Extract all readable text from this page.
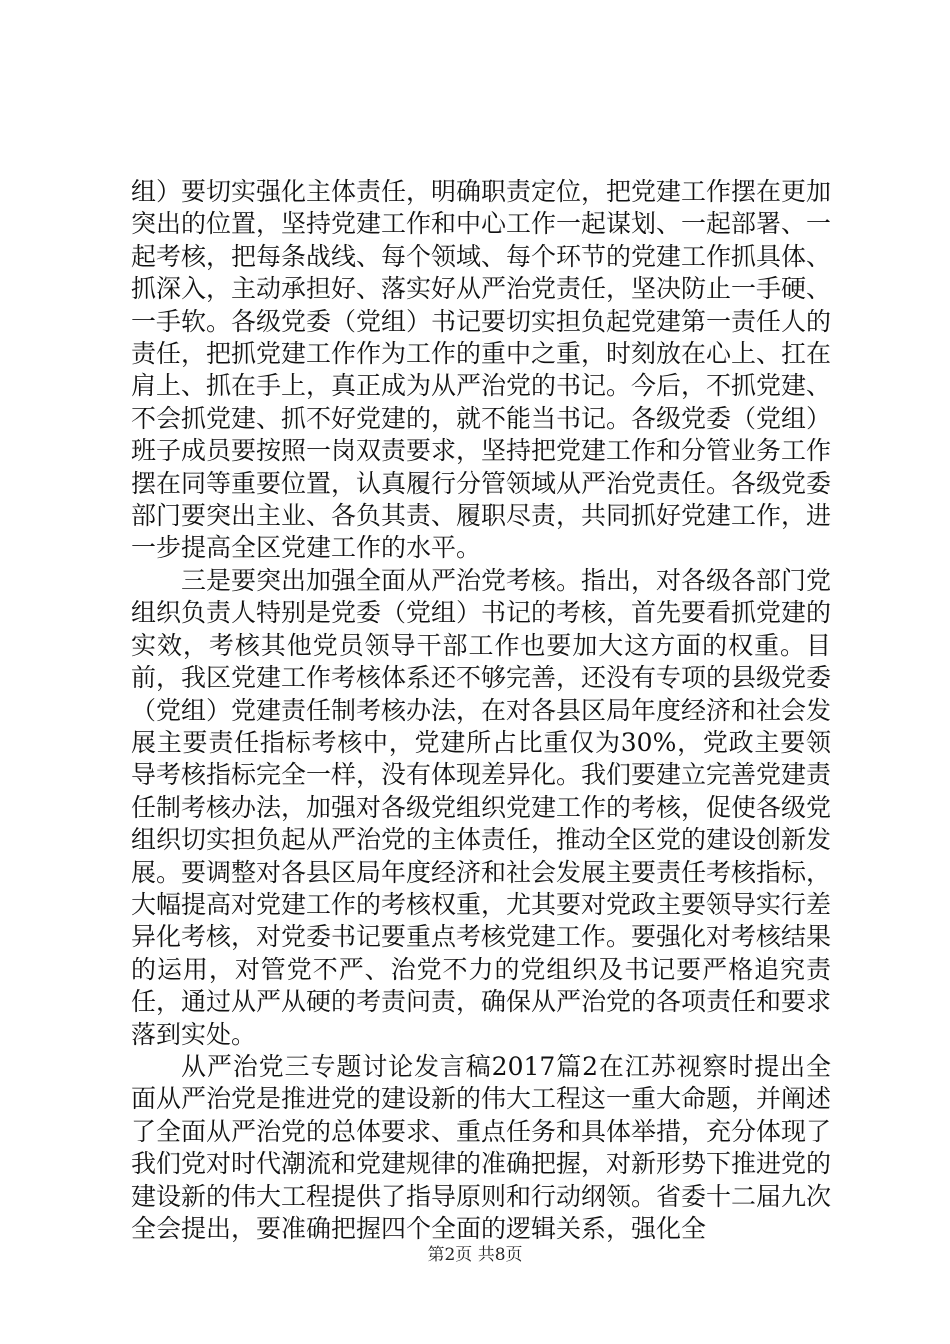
组）要切实强化主体责任，明确职责定位，把党建工作摆在更加突出的位置，坚持党建工作和中心工作一起谋划、一起部署、一起考核，把每条战线、每个领域、每个环节的党建工作抓具体、抓深入，主动承担好、落实好从严治党责任，坚决防止一手硬、一手软。各级党委（党组）书记要切实担负起党建第一责任人的责任，把抓党建工作作为工作的重中之重，时刻放在心上、扛在肩上、抓在手上，真正成为从严治党的书记。今后，不抓党建、不会抓党建、抓不好党建的，就不能当书记。各级党委（党组）班子成员要按照一岗双责要求，坚持把党建工作和分管业务工作摆在同等重要位置，认真履行分管领域从严治党责任。各级党委部门要突出主业、各负其责、履职尽责，共同抓好党建工作，进一步提高全区党建工作的水平。

三是要突出加强全面从严治党考核。指出，对各级各部门党组织负责人特别是党委（党组）书记的考核，首先要看抓党建的实效，考核其他党员领导干部工作也要加大这方面的权重。目前，我区党建工作考核体系还不够完善，还没有专项的县级党委（党组）党建责任制考核办法，在对各县区局年度经济和社会发展主要责任指标考核中，党建所占比重仅为30%，党政主要领导考核指标完全一样，没有体现差异化。我们要建立完善党建责任制考核办法，加强对各级党组织党建工作的考核，促使各级党组织切实担负起从严治党的主体责任，推动全区党的建设创新发展。要调整对各县区局年度经济和社会发展主要责任考核指标，大幅提高对党建工作的考核权重，尤其要对党政主要领导实行差异化考核，对党委书记要重点考核党建工作。要强化对考核结果的运用，对管党不严、治党不力的党组织及书记要严格追究责任，通过从严从硬的考责问责，确保从严治党的各项责任和要求落到实处。

从严治党三专题讨论发言稿2017篇2在江苏视察时提出全面从严治党是推进党的建设新的伟大工程这一重大命题，并阐述了全面从严治党的总体要求、重点任务和具体举措，充分体现了我们党对时代潮流和党建规律的准确把握，对新形势下推进党的建设新的伟大工程提供了指导原则和行动纲领。省委十二届九次全会提出，要准确把握四个全面的逻辑关系，强化全

第2页 共8页
